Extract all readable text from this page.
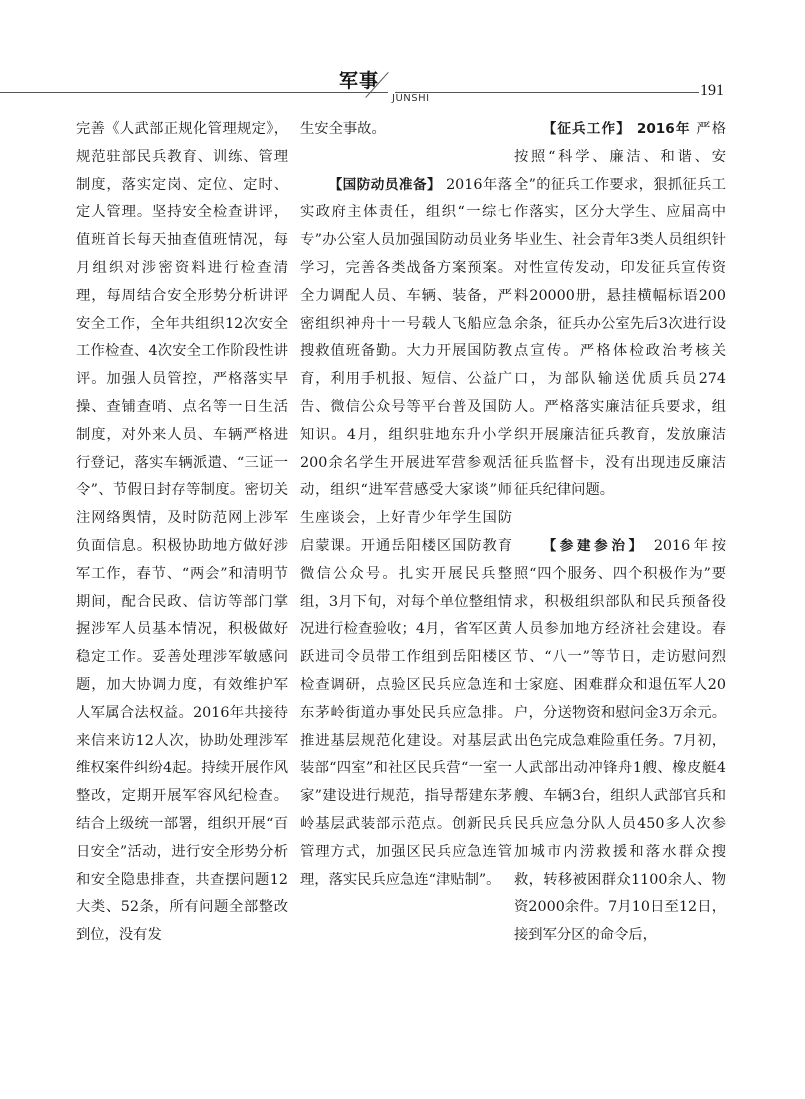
军事
JUNSHI	191

完善《人武部正规化管理规定》，规范驻部民兵教育、训练、管理制度，落实定岗、定位、定时、定人管理。坚持安全检查讲评，值班首长每天抽查值班情况，每月组织对涉密资料进行检查清理，每周结合安全形势分析讲评安全工作，全年共组织12次安全工作检查、4次安全工作阶段性讲评。加强人员管控，严格落实早操、查铺查哨、点名等一日生活制度，对外来人员、车辆严格进行登记，落实车辆派遣、“三证一令”、节假日封存等制度。密切关注网络舆情，及时防范网上涉军负面信息。积极协助地方做好涉军工作，春节、“两会”和清明节期间，配合民政、信访等部门掌握涉军人员基本情况，积极做好稳定工作。妥善处理涉军敏感问题，加大协调力度，有效维护军人军属合法权益。2016年共接待来信来访12人次，协助处理涉军维权案件纠纷4起。持续开展作风整改，定期开展军容风纪检查。结合上级统一部署，组织开展“百日安全”活动，进行安全形势分析和安全隐患排查，共查摆问题12大类、52条，所有问题全部整改到位，没有发

生安全事故。

【国防动员准备】 2016年落实政府主体责任，组织“一综七专”办公室人员加强国防动员业务学习，完善各类战备方案预案。全力调配人员、车辆、装备，严密组织神舟十一号载人飞船应急搜救值班备勤。大力开展国防教育，利用手机报、短信、公益广告、微信公众号等平台普及国防知识。4月，组织驻地东升小学200余名学生开展进军营参观活动，组织“进军营感受大家谈”师生座谈会，上好青少年学生国防启蒙课。开通岳阳楼区国防教育微信公众号。扎实开展民兵整组，3月下旬，对每个单位整组情况进行检查验收；4月，省军区黄跃进司令员带工作组到岳阳楼区检查调研，点验区民兵应急连和东茅岭街道办事处民兵应急排。推进基层规范化建设。对基层武装部“四室”和社区民兵营“一室一家”建设进行规范，指导帮建东茅岭基层武装部示范点。创新民兵管理方式，加强区民兵应急连管理，落实民兵应急连“津贴制”。

【征兵工作】 2016年 严格按照“科学、廉洁、和谐、安全”的征兵工作要求，狠抓征兵工作落实，区分大学生、应届高中毕业生、社会青年3类人员组织针对性宣传发动，印发征兵宣传资料20000册，悬挂横幅标语200余条，征兵办公室先后3次进行设点宣传。严格体检政治考核关口，为部队输送优质兵员274人。严格落实廉洁征兵要求，组织开展廉洁征兵教育，发放廉洁征兵监督卡，没有出现违反廉洁征兵纪律问题。

【参建参治】 2016年按照“四个服务、四个积极作为”要求，积极组织部队和民兵预备役人员参加地方经济社会建设。春节、“八一”等节日，走访慰问烈士家庭、困难群众和退伍军人20户，分送物资和慰问金3万余元。出色完成急难险重任务。7月初，人武部出动冲锋舟1艘、橡皮艇4艘、车辆3台，组织人武部官兵和民兵应急分队人员450多人次参加城市内涝救援和落水群众搜救，转移被困群众1100余人、物资2000余件。7月10日至12日，接到军分区的命令后，
